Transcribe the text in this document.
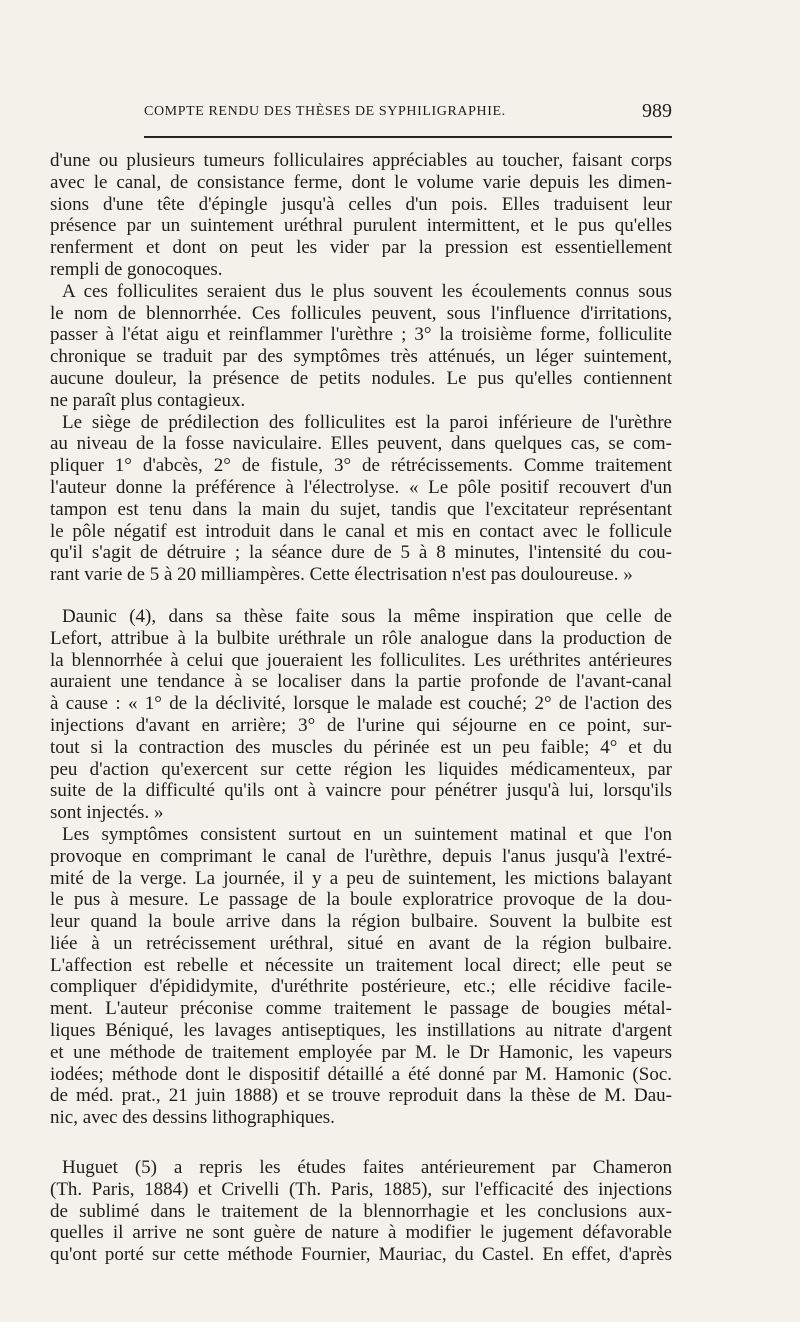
COMPTE RENDU DES THÈSES DE SYPHILIGRAPHIE.	989
d'une ou plusieurs tumeurs folliculaires appréciables au toucher, faisant corps
avec le canal, de consistance ferme, dont le volume varie depuis les dimen-
sions d'une tête d'épingle jusqu'à celles d'un pois. Elles traduisent leur
présence par un suintement uréthral purulent intermittent, et le pus qu'elles
renferment et dont on peut les vider par la pression est essentiellement
rempli de gonocoques.
A ces folliculites seraient dus le plus souvent les écoulements connus sous
le nom de blennorrhée. Ces follicules peuvent, sous l'influence d'irritations,
passer à l'état aigu et reinflammer l'urèthre ; 3° la troisième forme, folliculite
chronique se traduit par des symptômes très atténués, un léger suintement,
aucune douleur, la présence de petits nodules. Le pus qu'elles contiennent
ne paraît plus contagieux.
Le siège de prédilection des folliculites est la paroi inférieure de l'urèthre
au niveau de la fosse naviculaire. Elles peuvent, dans quelques cas, se com-
pliquer 1° d'abcès, 2° de fistule, 3° de rétrécissements. Comme traitement
l'auteur donne la préférence à l'électrolyse. « Le pôle positif recouvert d'un
tampon est tenu dans la main du sujet, tandis que l'excitateur représentant
le pôle négatif est introduit dans le canal et mis en contact avec le follicule
qu'il s'agit de détruire ; la séance dure de 5 à 8 minutes, l'intensité du cou-
rant varie de 5 à 20 milliampères. Cette électrisation n'est pas douloureuse. »
Daunic (4), dans sa thèse faite sous la même inspiration que celle de
Lefort, attribue à la bulbite uréthrale un rôle analogue dans la production de
la blennorrhée à celui que joueraient les folliculites. Les uréthrites antérieures
auraient une tendance à se localiser dans la partie profonde de l'avant-canal
à cause : « 1° de la déclivité, lorsque le malade est couché; 2° de l'action des
injections d'avant en arrière; 3° de l'urine qui séjourne en ce point, sur-
tout si la contraction des muscles du périnée est un peu faible; 4° et du
peu d'action qu'exercent sur cette région les liquides médicamenteux, par
suite de la difficulté qu'ils ont à vaincre pour pénétrer jusqu'à lui, lorsqu'ils
sont injectés. »
Les symptômes consistent surtout en un suintement matinal et que l'on
provoque en comprimant le canal de l'urèthre, depuis l'anus jusqu'à l'extré-
mité de la verge. La journée, il y a peu de suintement, les mictions balayant
le pus à mesure. Le passage de la boule exploratrice provoque de la dou-
leur quand la boule arrive dans la région bulbaire. Souvent la bulbite est
liée à un retrécissement uréthral, situé en avant de la région bulbaire.
L'affection est rebelle et nécessite un traitement local direct; elle peut se
compliquer d'épididymite, d'uréthrite postérieure, etc.; elle récidive facile-
ment. L'auteur préconise comme traitement le passage de bougies métal-
liques Béniqué, les lavages antiseptiques, les instillations au nitrate d'argent
et une méthode de traitement employée par M. le Dr Hamonic, les vapeurs
iodées; méthode dont le dispositif détaillé a été donné par M. Hamonic (Soc.
de méd. prat., 21 juin 1888) et se trouve reproduit dans la thèse de M. Dau-
nic, avec des dessins lithographiques.
Huguet (5) a repris les études faites antérieurement par Chameron
(Th. Paris, 1884) et Crivelli (Th. Paris, 1885), sur l'efficacité des injections
de sublimé dans le traitement de la blennorrhagie et les conclusions aux-
quelles il arrive ne sont guère de nature à modifier le jugement défavorable
qu'ont porté sur cette méthode Fournier, Mauriac, du Castel. En effet, d'après
